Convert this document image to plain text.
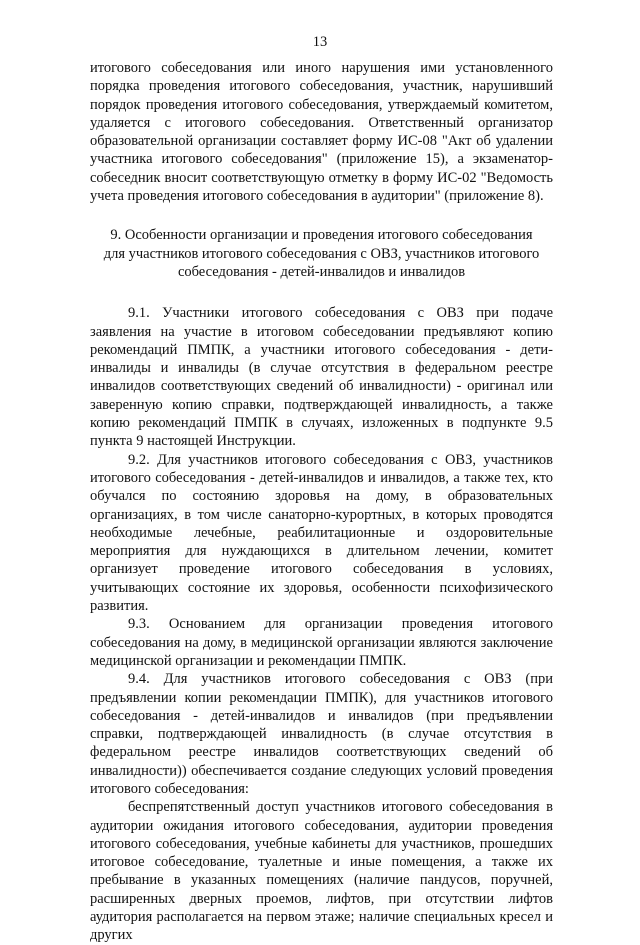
13

итогового собеседования или иного нарушения ими установленного порядка проведения итогового собеседования, участник, нарушивший порядок проведения итогового собеседования, утверждаемый комитетом, удаляется с итогового собеседования. Ответственный организатор образовательной организации составляет форму ИС-08 "Акт об удалении участника итогового собеседования" (приложение 15), а экзаменатор-собеседник вносит соответствующую отметку в форму ИС-02 "Ведомость учета проведения итогового собеседования в аудитории" (приложение 8).

9. Особенности организации и проведения итогового собеседования
для участников итогового собеседования с ОВЗ, участников итогового
собеседования - детей-инвалидов и инвалидов

9.1. Участники итогового собеседования с ОВЗ при подаче заявления на участие в итоговом собеседовании предъявляют копию рекомендаций ПМПК, а участники итогового собеседования - дети-инвалиды и инвалиды (в случае отсутствия в федеральном реестре инвалидов соответствующих сведений об инвалидности) - оригинал или заверенную копию справки, подтверждающей инвалидность, а также копию рекомендаций ПМПК в случаях, изложенных в подпункте 9.5 пункта 9 настоящей Инструкции.

9.2. Для участников итогового собеседования с ОВЗ, участников итогового собеседования - детей-инвалидов и инвалидов, а также тех, кто обучался по состоянию здоровья на дому, в образовательных организациях, в том числе санаторно-курортных, в которых проводятся необходимые лечебные, реабилитационные и оздоровительные мероприятия для нуждающихся в длительном лечении, комитет организует проведение итогового собеседования в условиях, учитывающих состояние их здоровья, особенности психофизического развития.

9.3. Основанием для организации проведения итогового собеседования на дому, в медицинской организации являются заключение медицинской организации и рекомендации ПМПК.

9.4. Для участников итогового собеседования с ОВЗ (при предъявлении копии рекомендации ПМПК), для участников итогового собеседования - детей-инвалидов и инвалидов (при предъявлении справки, подтверждающей инвалидность (в случае отсутствия в федеральном реестре инвалидов соответствующих сведений об инвалидности)) обеспечивается создание следующих условий проведения итогового собеседования:

беспрепятственный доступ участников итогового собеседования в аудитории ожидания итогового собеседования, аудитории проведения итогового собеседования, учебные кабинеты для участников, прошедших итоговое собеседование, туалетные и иные помещения, а также их пребывание в указанных помещениях (наличие пандусов, поручней, расширенных дверных проемов, лифтов, при отсутствии лифтов аудитория располагается на первом этаже; наличие специальных кресел и других
